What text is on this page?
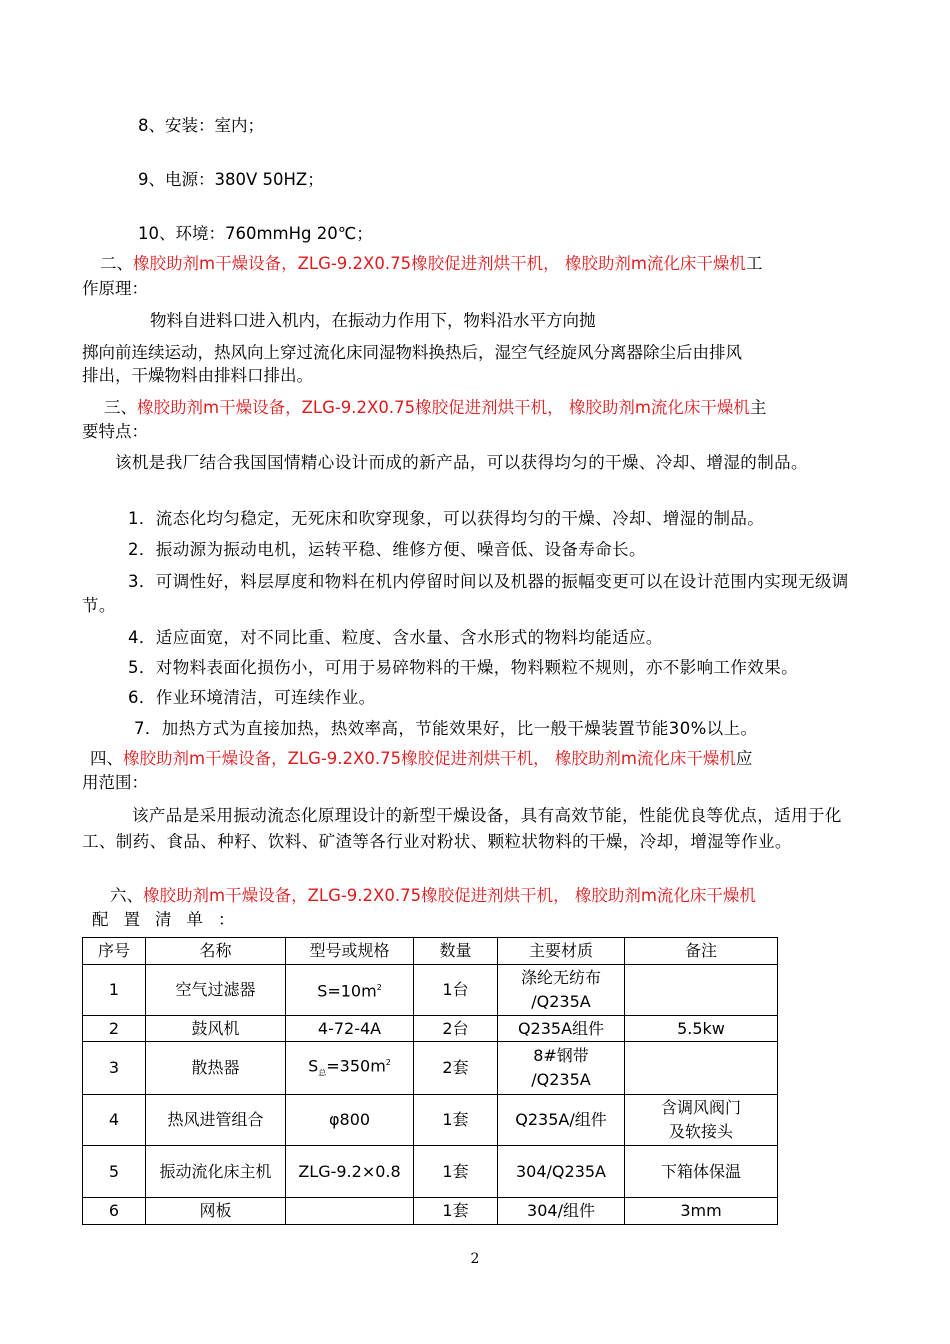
8、安装：室内；
9、电源：380V 50HZ；
10、环境：760mmHg 20℃；
二、橡胶助剂m干燥设备，ZLG-9.2X0.75橡胶促进剂烘干机， 橡胶助剂m流化床干燥机工
作原理：
物料自进料口进入机内，在振动力作用下，物料沿水平方向抛
掷向前连续运动，热风向上穿过流化床同湿物料换热后，湿空气经旋风分离器除尘后由排风
排出，干燥物料由排料口排出。
三、橡胶助剂m干燥设备，ZLG-9.2X0.75橡胶促进剂烘干机， 橡胶助剂m流化床干燥机主
要特点：
该机是我厂结合我国国情精心设计而成的新产品，可以获得均匀的干燥、冷却、增湿的制品。
1．流态化均匀稳定，无死床和吹穿现象，可以获得均匀的干燥、冷却、增湿的制品。
2．振动源为振动电机，运转平稳、维修方便、噪音低、设备寿命长。
3．可调性好，料层厚度和物料在机内停留时间以及机器的振幅变更可以在设计范围内实现无级调节。
4．适应面宽，对不同比重、粒度、含水量、含水形式的物料均能适应。
5．对物料表面化损伤小，可用于易碎物料的干燥，物料颗粒不规则，亦不影响工作效果。
6．作业环境清洁，可连续作业。
7．加热方式为直接加热，热效率高，节能效果好，比一般干燥装置节能30%以上。
四、橡胶助剂m干燥设备，ZLG-9.2X0.75橡胶促进剂烘干机， 橡胶助剂m流化床干燥机应
用范围：
该产品是采用振动流态化原理设计的新型干燥设备，具有高效节能，性能优良等优点，适用于化工、制药、食品、种籽、饮料、矿渣等各行业对粉状、颗粒状物料的干燥，冷却，增湿等作业。
六、橡胶助剂m干燥设备，ZLG-9.2X0.75橡胶促进剂烘干机， 橡胶助剂m流化床干燥机
配置清单：
序号	名称	型号或规格	数量	主要材质	备注
1	空气过滤器	$S=10m^2$	1台	涤纶无纺布
/Q235A	

2	鼓风机	4-72-4A	2台	Q235A组件	5.5kw
3	散热器	$S_总=350m^2$	2套	8#钢带
/Q235A	

4	热风进管组合	φ800	1套	Q235A/组件	含调风阀门
及软接头

5	振动流化床主机	ZLG-9.2×0.8	1套	304/Q235A	下箱体保温
6	网板		1套	304/组件	3mm
2
